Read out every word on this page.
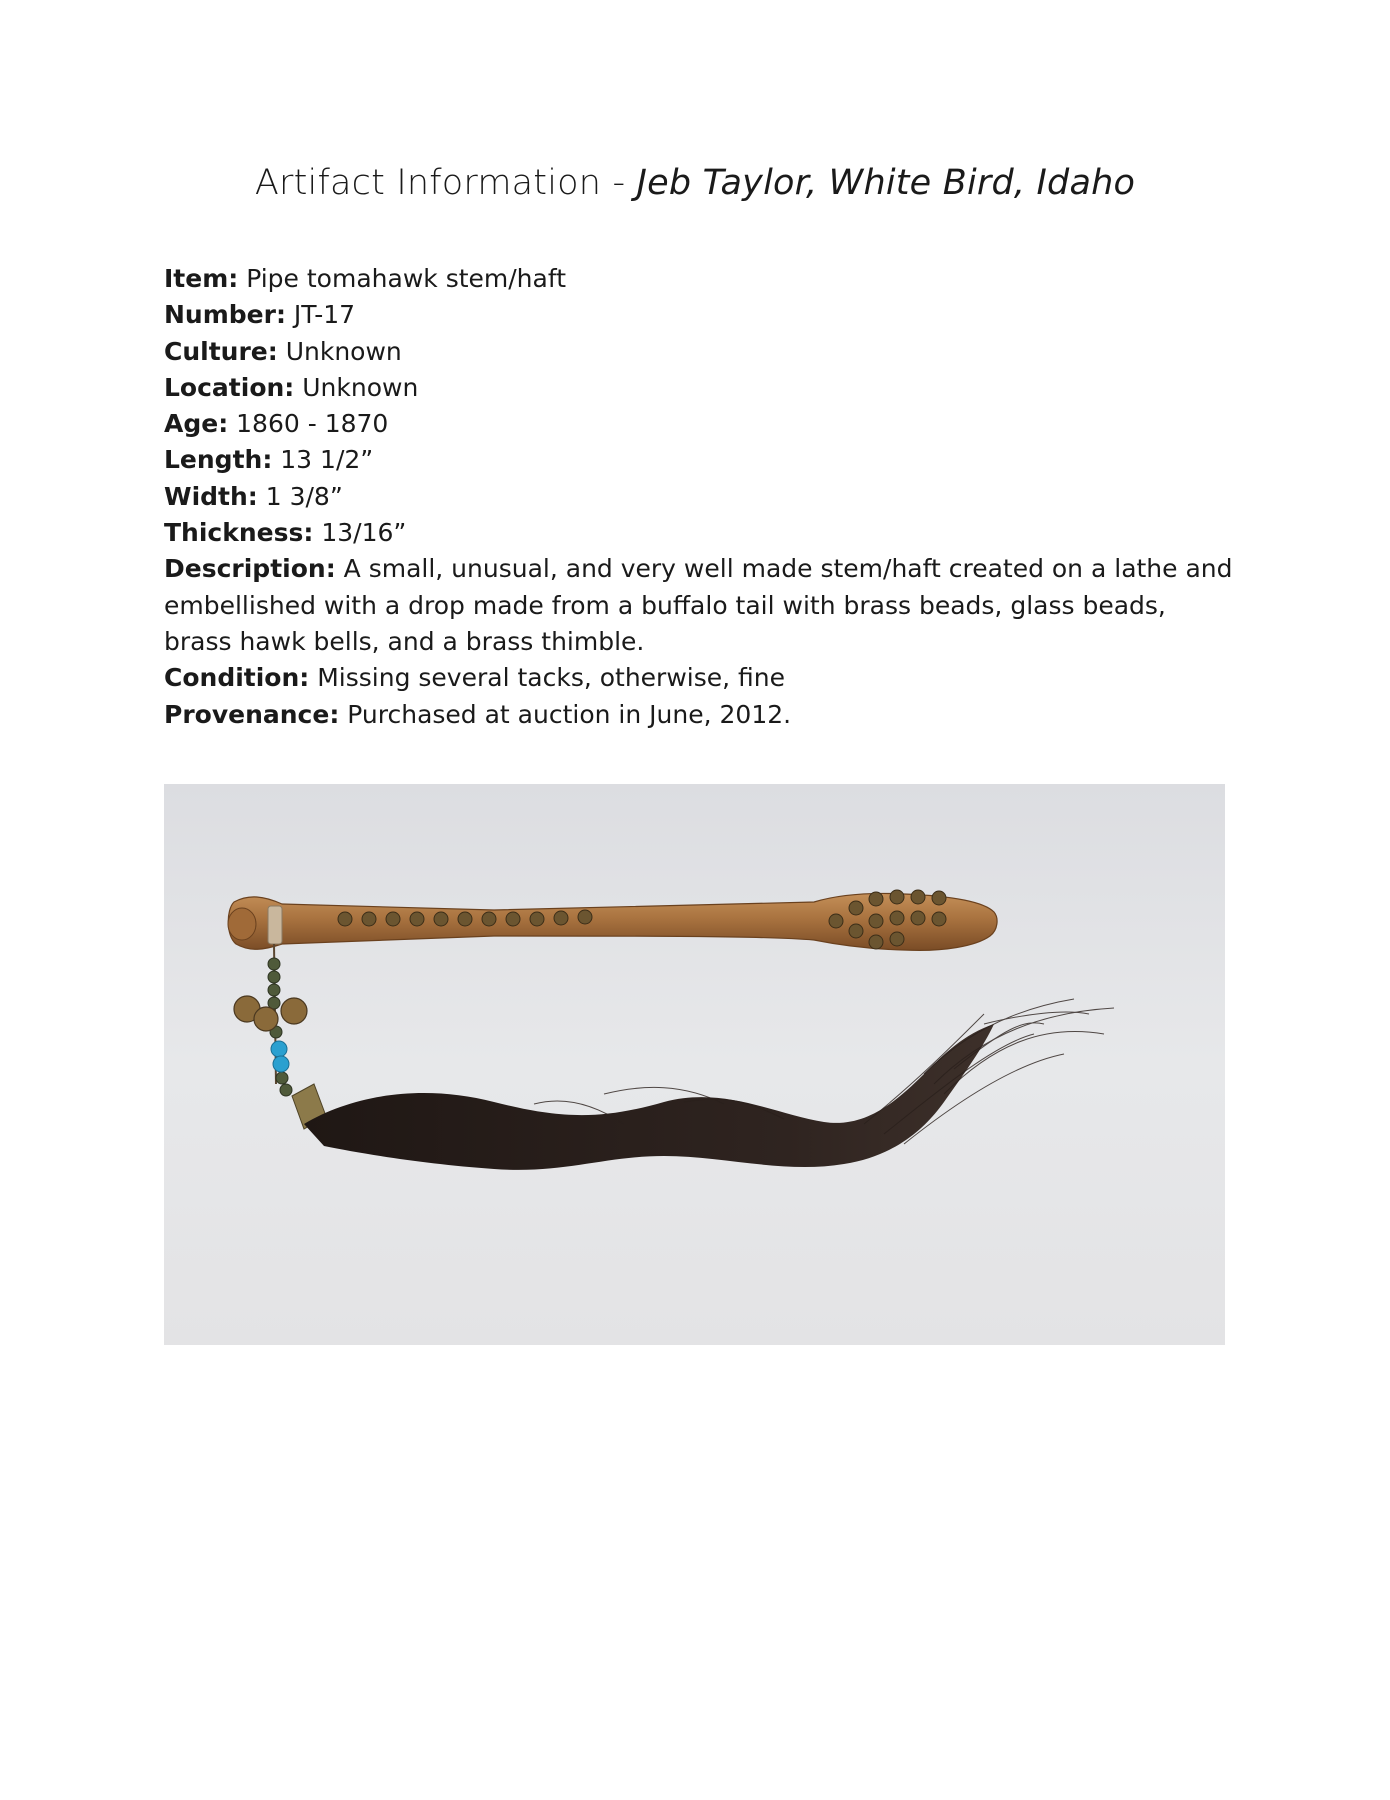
Artifact Information - Jeb Taylor, White Bird, Idaho
Item: Pipe tomahawk stem/haft
Number: JT-17
Culture: Unknown
Location: Unknown
Age: 1860 - 1870
Length: 13 1/2”
Width: 1 3/8”
Thickness: 13/16”
Description: A small, unusual, and very well made stem/haft created on a lathe and embellished with a drop made from a buffalo tail with brass beads, glass beads, brass hawk bells, and a brass thimble.
Condition: Missing several tacks, otherwise, fine
Provenance: Purchased at auction in June, 2012.
